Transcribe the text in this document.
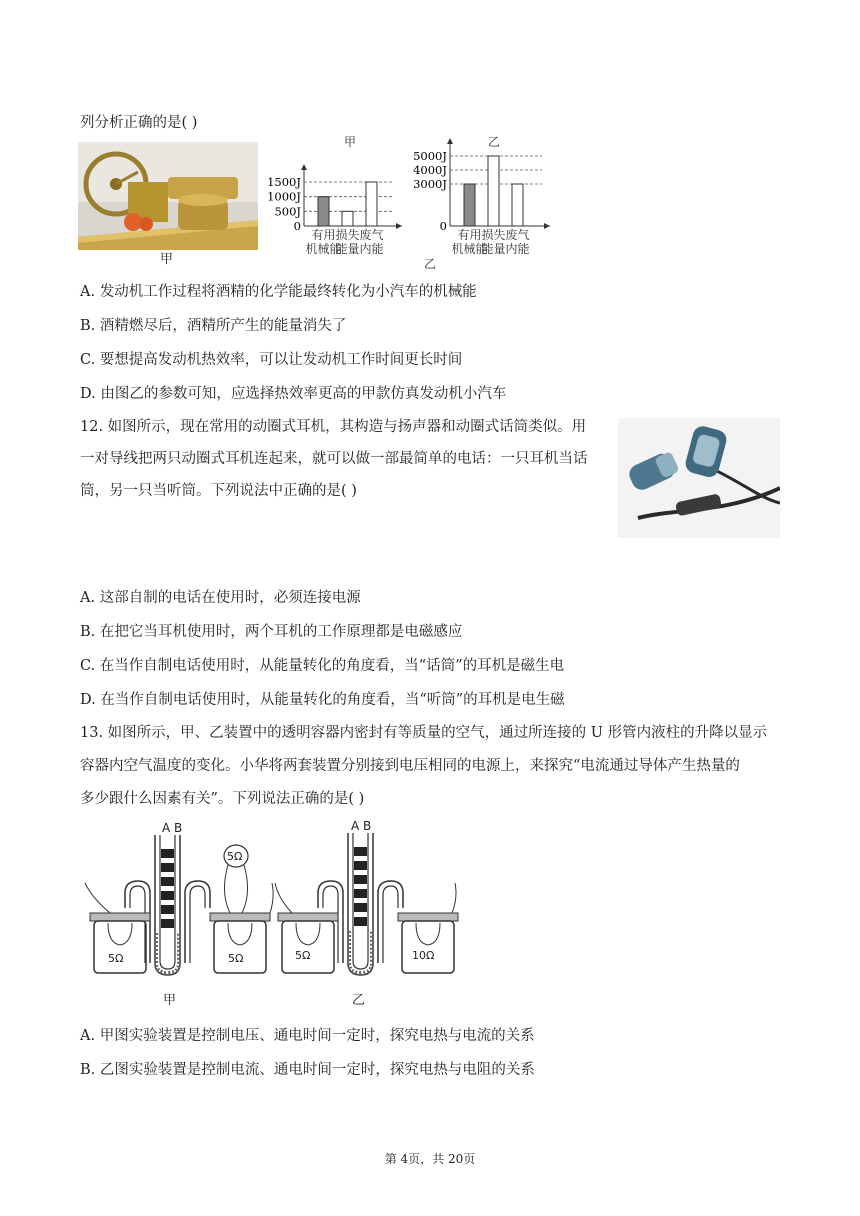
列分析正确的是( )
甲
甲
1500J
1000J
500J
0
有用
机械能
损失
能量
废气
内能
乙
5000J
4000J
3000J
0
有用
机械能
损失
能量
废气
内能
乙
A. 发动机工作过程将酒精的化学能最终转化为小汽车的机械能
B. 酒精燃尽后，酒精所产生的能量消失了
C. 要想提高发动机热效率，可以让发动机工作时间更长时间
D. 由图乙的参数可知，应选择热效率更高的甲款仿真发动机小汽车
12. 如图所示，现在常用的动圈式耳机，其构造与扬声器和动圈式话筒类似。用
一对导线把两只动圈式耳机连起来，就可以做一部最简单的电话：一只耳机当话
筒，另一只当听筒。下列说法中正确的是( )
A. 这部自制的电话在使用时，必须连接电源
B. 在把它当耳机使用时，两个耳机的工作原理都是电磁感应
C. 在当作自制电话使用时，从能量转化的角度看，当“话筒”的耳机是磁生电
D. 在当作自制电话使用时，从能量转化的角度看，当“听筒”的耳机是电生磁
13. 如图所示，甲、乙装置中的透明容器内密封有等质量的空气，通过所连接的 U 形管内液柱的升降以显示
容器内空气温度的变化。小华将两套装置分别接到电压相同的电源上，来探究“电流通过导体产生热量的
多少跟什么因素有关”。下列说法正确的是( )
A B
5Ω
5Ω	5Ω
甲
A B
5Ω	10Ω
乙
A. 甲图实验装置是控制电压、通电时间一定时，探究电热与电流的关系
B. 乙图实验装置是控制电流、通电时间一定时，探究电热与电阻的关系
第 4页，共 20页
